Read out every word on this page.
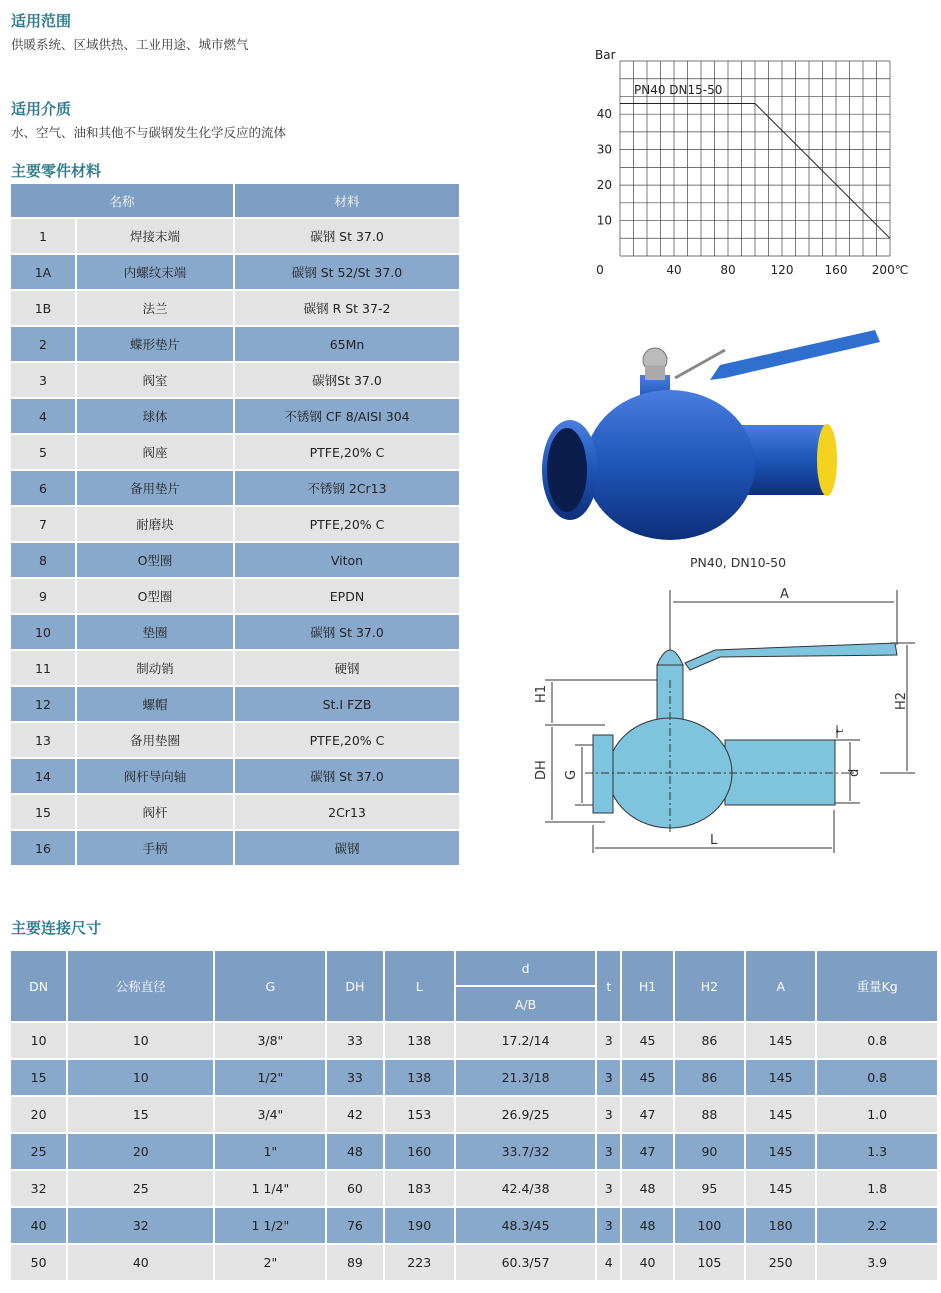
适用范围
供暖系统、区域供热、工业用途、城市燃气
适用介质
水、空气、油和其他不与碳钢发生化学反应的流体
主要零件材料
名称		材料
1	焊接末端	碳钢 St 37.0
1A	内螺纹末端	碳钢 St 52/St 37.0
1B	法兰	碳钢 R St 37-2
2	蝶形垫片	65Mn
3	阀室	碳钢St 37.0
4	球体	不锈钢 CF 8/AISI 304
5	阀座	PTFE,20% C
6	备用垫片	不锈钢 2Cr13
7	耐磨块	PTFE,20% C
8	O型圈	Viton
9	O型圈	EPDN
10	垫圈	碳钢 St 37.0
11	制动销	硬钢
12	螺帽	St.I FZB
13	备用垫圈	PTFE,20% C
14	阀杆导向轴	碳钢 St 37.0
15	阀杆	2Cr13
16	手柄	碳钢
PN40 DN15-50
Bar
10
20
30
40
0	40	80	120	160 200℃
PN40, DN10-50
A
H1	H2
DH G
t
d
L
主要连接尺寸
DN	公称直径	G	DH	L	d	t	H1	H2	A	重量Kg
					A/B					
10	10	3/8"	33	138	17.2/14	3	45	86	145	0.8
15	10	1/2"	33	138	21.3/18	3	45	86	145	0.8
20	15	3/4"	42	153	26.9/25	3	47	88	145	1.0
25	20	1"	48	160	33.7/32	3	47	90	145	1.3
32	25	1 1/4"	60	183	42.4/38	3	48	95	145	1.8
40	32	1 1/2"	76	190	48.3/45	3	48	100	180	2.2
50	40	2"	89	223	60.3/57	4	40	105	250	3.9
